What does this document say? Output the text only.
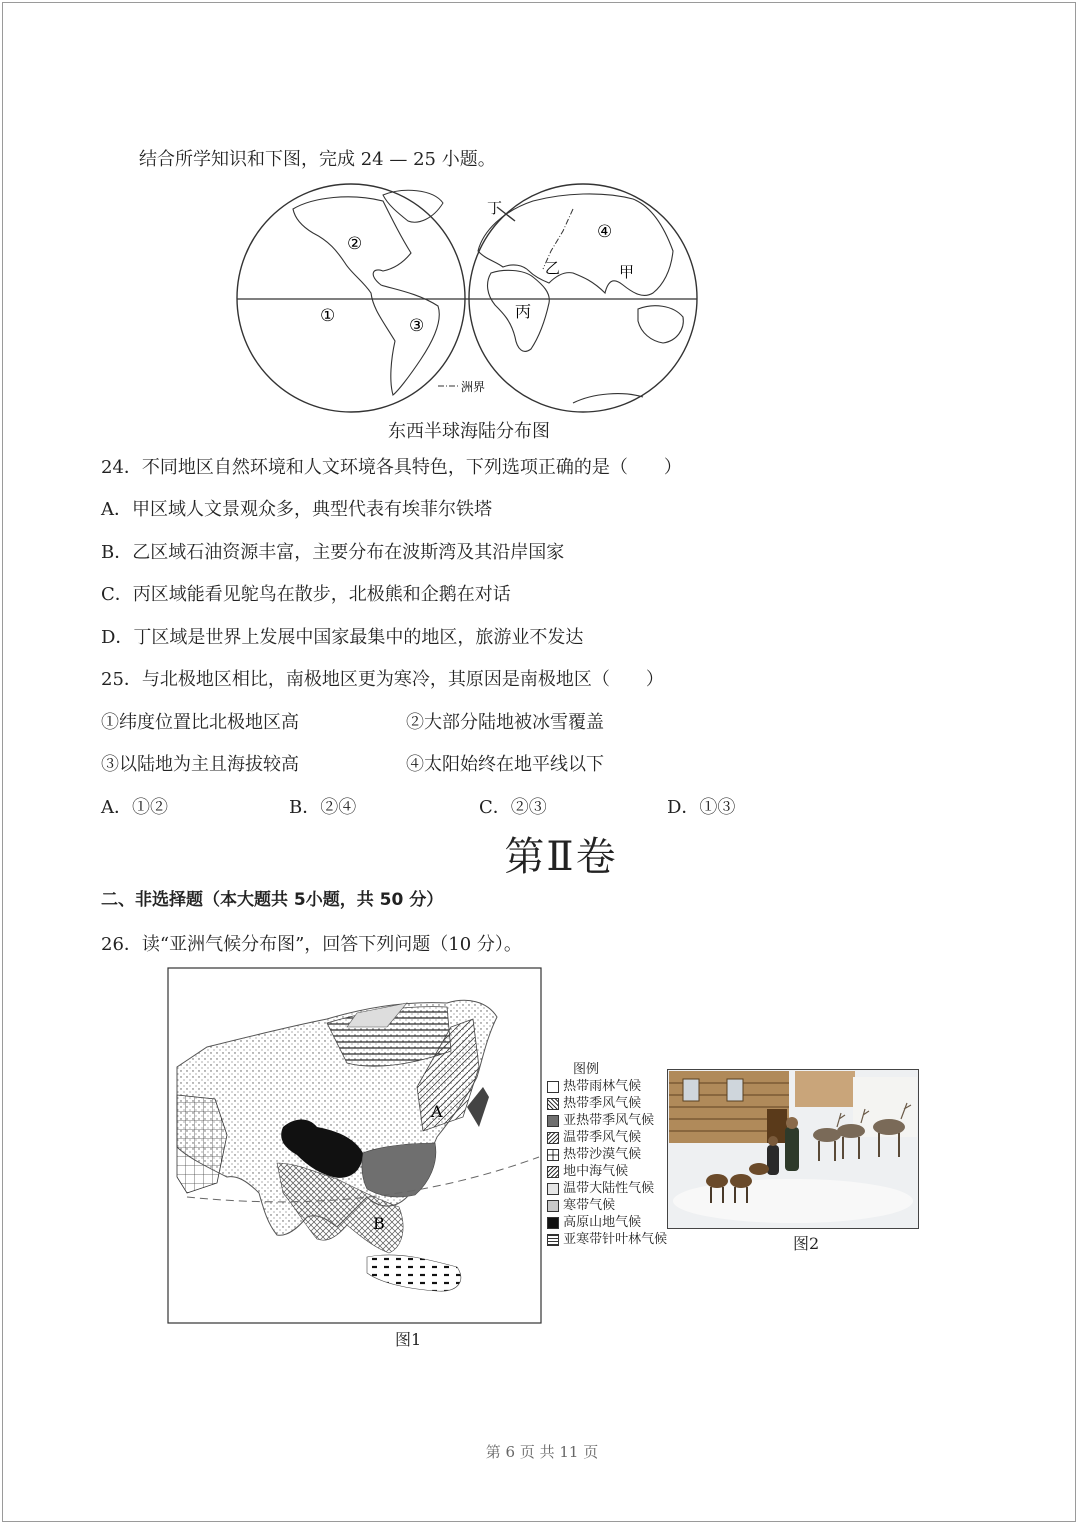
结合所学知识和下图，完成 24 — 25 小题。
①
②
③
④
甲
乙
丙
丁
洲界
东西半球海陆分布图
24．不同地区自然环境和人文环境各具特色，下列选项正确的是（　　）
A．甲区域人文景观众多，典型代表有埃菲尔铁塔
B．乙区域石油资源丰富，主要分布在波斯湾及其沿岸国家
C．丙区域能看见鸵鸟在散步，北极熊和企鹅在对话
D．丁区域是世界上发展中国家最集中的地区，旅游业不发达
25．与北极地区相比，南极地区更为寒冷，其原因是南极地区（　　）
①纬度位置比北极地区高	②大部分陆地被冰雪覆盖
③以陆地为主且海拔较高	④太阳始终在地平线以下
A．①②	B．②④	C．②③	D．①③
第Ⅱ卷
二、非选择题（本大题共 5小题，共 50 分）
26．读“亚洲气候分布图”，回答下列问题（10 分）。
A
B
图1
图例
热带雨林气候
热带季风气候
亚热带季风气候
温带季风气候
热带沙漠气候
地中海气候
温带大陆性气候
寒带气候
高原山地气候
亚寒带针叶林气候	图2
第 6 页 共 11 页
